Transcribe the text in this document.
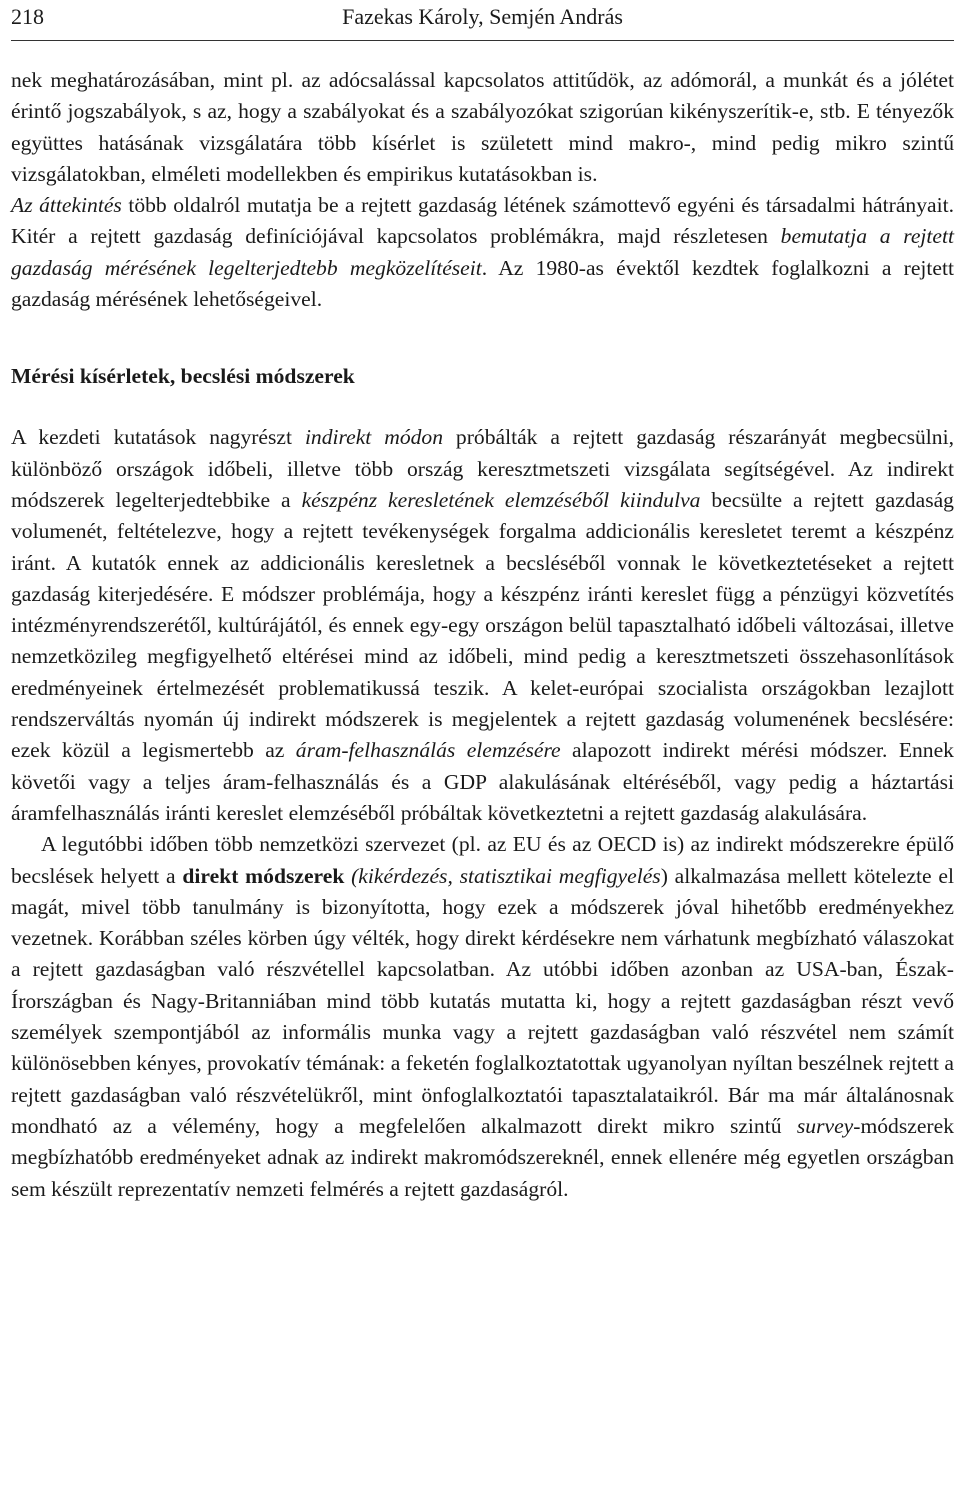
218	Fazekas Károly, Semjén András

nek meghatározásában, mint pl. az adócsalással kapcsolatos attitűdök, az adómorál, a munkát és a jólétet érintő jogszabályok, s az, hogy a szabályokat és a szabályozókat szigorúan kikényszerítik-e, stb. E tényezők együttes hatásának vizsgálatára több kísérlet is született mind makro-, mind pedig mikro szintű vizsgálatokban, elméleti modellekben és empirikus kutatásokban is.
Az áttekintés több oldalról mutatja be a rejtett gazdaság létének számottevő egyéni és társadalmi hátrányait. Kitér a rejtett gazdaság definíciójával kapcsolatos problémákra, majd részletesen bemutatja a rejtett gazdaság mérésének legelterjedtebb megközelítéseit. Az 1980-as évektől kezdtek foglalkozni a rejtett gazdaság mérésének lehetőségeivel.

Mérési kísérletek, becslési módszerek

A kezdeti kutatások nagyrészt indirekt módon próbálták a rejtett gazdaság részarányát megbecsülni, különböző országok időbeli, illetve több ország keresztmetszeti vizsgálata segítségével. Az indirekt módszerek legelterjedtebbike a készpénz keresletének elemzéséből kiindulva becsülte a rejtett gazdaság volumenét, feltételezve, hogy a rejtett tevékenységek forgalma addicionális keresletet teremt a készpénz iránt. A kutatók ennek az addicionális keresletnek a becsléséből vonnak le következtetéseket a rejtett gazdaság kiterjedésére. E módszer problémája, hogy a készpénz iránti kereslet függ a pénzügyi közvetítés intézményrendszerétől, kultúrájától, és ennek egy-egy országon belül tapasztalható időbeli változásai, illetve nemzetközileg megfigyelhető eltérései mind az időbeli, mind pedig a keresztmetszeti összehasonlítások eredményeinek értelmezését problematikussá teszik. A kelet-európai szocialista országokban lezajlott rendszerváltás nyomán új indirekt módszerek is megjelentek a rejtett gazdaság volumenének becslésére: ezek közül a legismertebb az áram-felhasználás elemzésére alapozott indirekt mérési módszer. Ennek követői vagy a teljes áram-felhasználás és a GDP alakulásának eltéréséből, vagy pedig a háztartási áramfelhasználás iránti kereslet elemzéséből próbáltak következtetni a rejtett gazdaság alakulására.

A legutóbbi időben több nemzetközi szervezet (pl. az EU és az OECD is) az indirekt módszerekre épülő becslések helyett a direkt módszerek (kikérdezés, statisztikai megfigyelés) alkalmazása mellett kötelezte el magát, mivel több tanulmány is bizonyította, hogy ezek a módszerek jóval hihetőbb eredményekhez vezetnek. Korábban széles körben úgy vélték, hogy direkt kérdésekre nem várhatunk megbízható válaszokat a rejtett gazdaságban való részvétellel kapcsolatban. Az utóbbi időben azonban az USA-ban, Észak-Írországban és Nagy-Britanniában mind több kutatás mutatta ki, hogy a rejtett gazdaságban részt vevő személyek szempontjából az informális munka vagy a rejtett gazdaságban való részvétel nem számít különösebben kényes, provokatív témának: a feketén foglalkoztatottak ugyanolyan nyíltan beszélnek rejtett a rejtett gazdaságban való részvételükről, mint önfoglalkoztatói tapasztalataikról. Bár ma már általánosnak mondható az a vélemény, hogy a megfelelően alkalmazott direkt mikro szintű survey-módszerek megbízhatóbb eredményeket adnak az indirekt makromódszereknél, ennek ellenére még egyetlen országban sem készült reprezentatív nemzeti felmérés a rejtett gazdaságról.
